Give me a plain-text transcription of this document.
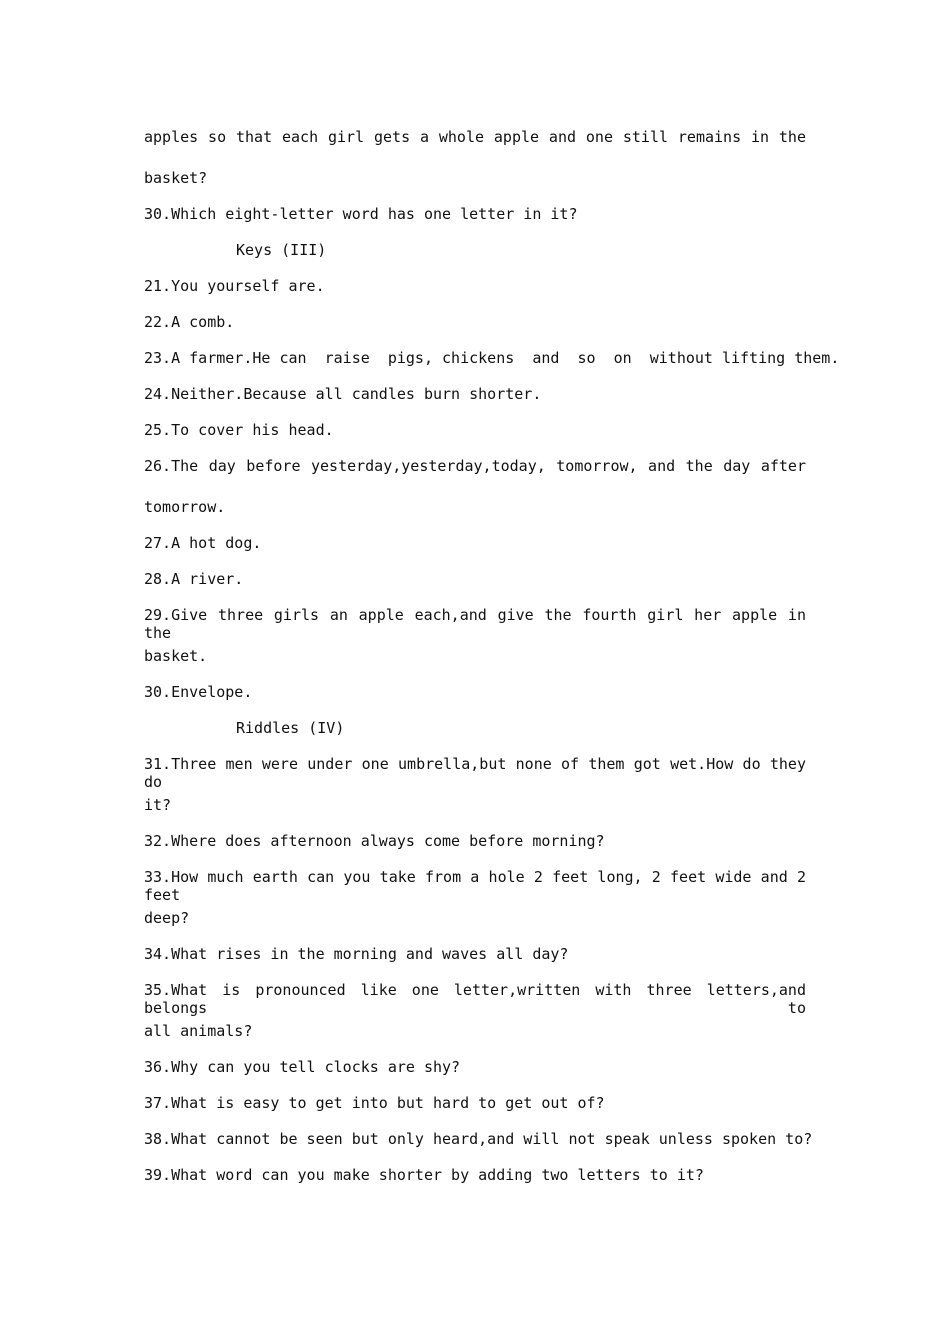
apples so that each girl gets a whole apple and one still remains in the
basket?
30.Which eight-letter word has one letter in it?
Keys (III)
21.You yourself are.
22.A comb.
23.A farmer.He can  raise  pigs, chickens  and  so  on  without lifting them.
24.Neither.Because all candles burn shorter.
25.To cover his head.
26.The day before yesterday,yesterday,today, tomorrow, and the day after
tomorrow.
27.A hot dog.
28.A river.
29.Give three girls an apple each,and give the fourth girl her apple in the
basket.
30.Envelope.
Riddles (IV)
31.Three men were under one umbrella,but none of them got wet.How do they do
it?
32.Where does afternoon always come before morning?
33.How much earth can you take from a hole 2 feet long, 2 feet wide and 2 feet
deep?
34.What rises in the morning and waves all day?
35.What is pronounced like one letter,written with three letters,and belongs to
all animals?
36.Why can you tell clocks are shy?
37.What is easy to get into but hard to get out of?
38.What cannot be seen but only heard,and will not speak unless spoken to?
39.What word can you make shorter by adding two letters to it?
